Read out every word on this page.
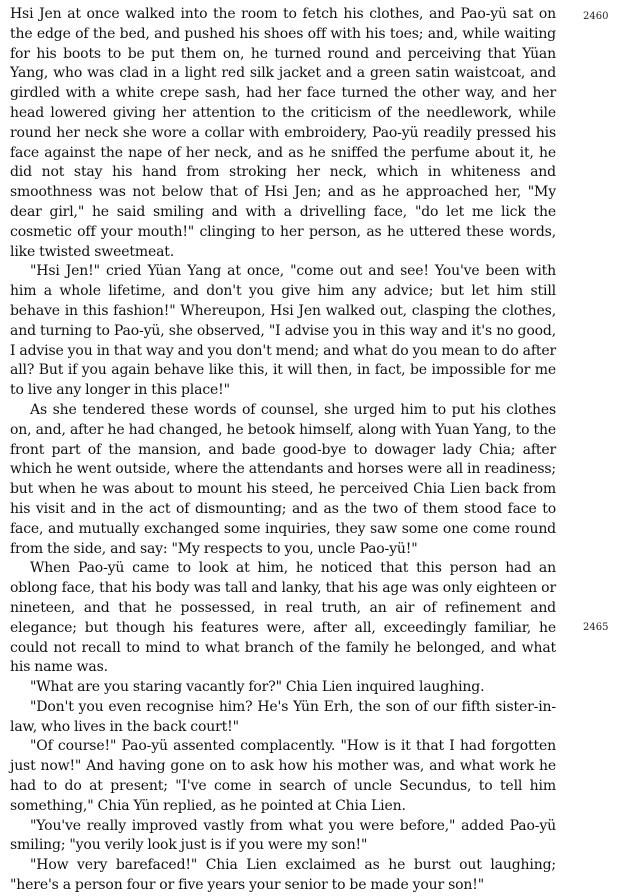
2460
2465

Hsi Jen at once walked into the room to fetch his clothes, and Pao-yü sat on the edge of the bed, and pushed his shoes off with his toes; and, while waiting for his boots to be put them on, he turned round and perceiving that Yüan Yang, who was clad in a light red silk jacket and a green satin waistcoat, and girdled with a white crepe sash, had her face turned the other way, and her head lowered giving her attention to the criticism of the needlework, while round her neck she wore a collar with embroidery, Pao-yü readily pressed his face against the nape of her neck, and as he sniffed the perfume about it, he did not stay his hand from stroking her neck, which in whiteness and smoothness was not below that of Hsi Jen; and as he approached her, "My dear girl," he said smiling and with a drivelling face, "do let me lick the cosmetic off your mouth!" clinging to her person, as he uttered these words, like twisted sweetmeat.

"Hsi Jen!" cried Yüan Yang at once, "come out and see! You've been with him a whole lifetime, and don't you give him any advice; but let him still behave in this fashion!" Whereupon, Hsi Jen walked out, clasping the clothes, and turning to Pao-yü, she observed, "I advise you in this way and it's no good, I advise you in that way and you don't mend; and what do you mean to do after all? But if you again behave like this, it will then, in fact, be impossible for me to live any longer in this place!"

As she tendered these words of counsel, she urged him to put his clothes on, and, after he had changed, he betook himself, along with Yuan Yang, to the front part of the mansion, and bade good-bye to dowager lady Chia; after which he went outside, where the attendants and horses were all in readiness; but when he was about to mount his steed, he perceived Chia Lien back from his visit and in the act of dismounting; and as the two of them stood face to face, and mutually exchanged some inquiries, they saw some one come round from the side, and say: "My respects to you, uncle Pao-yü!"

When Pao-yü came to look at him, he noticed that this person had an oblong face, that his body was tall and lanky, that his age was only eighteen or nineteen, and that he possessed, in real truth, an air of refinement and elegance; but though his features were, after all, exceedingly familiar, he could not recall to mind to what branch of the family he belonged, and what his name was.

"What are you staring vacantly for?" Chia Lien inquired laughing.

"Don't you even recognise him? He's Yün Erh, the son of our fifth sister-in-law, who lives in the back court!"

"Of course!" Pao-yü assented complacently. "How is it that I had forgotten just now!" And having gone on to ask how his mother was, and what work he had to do at present; "I've come in search of uncle Secundus, to tell him something," Chia Yün replied, as he pointed at Chia Lien.

"You've really improved vastly from what you were before," added Pao-yü smiling; "you verily look just is if you were my son!"

"How very barefaced!" Chia Lien exclaimed as he burst out laughing; "here's a person four or five years your senior to be made your son!"
